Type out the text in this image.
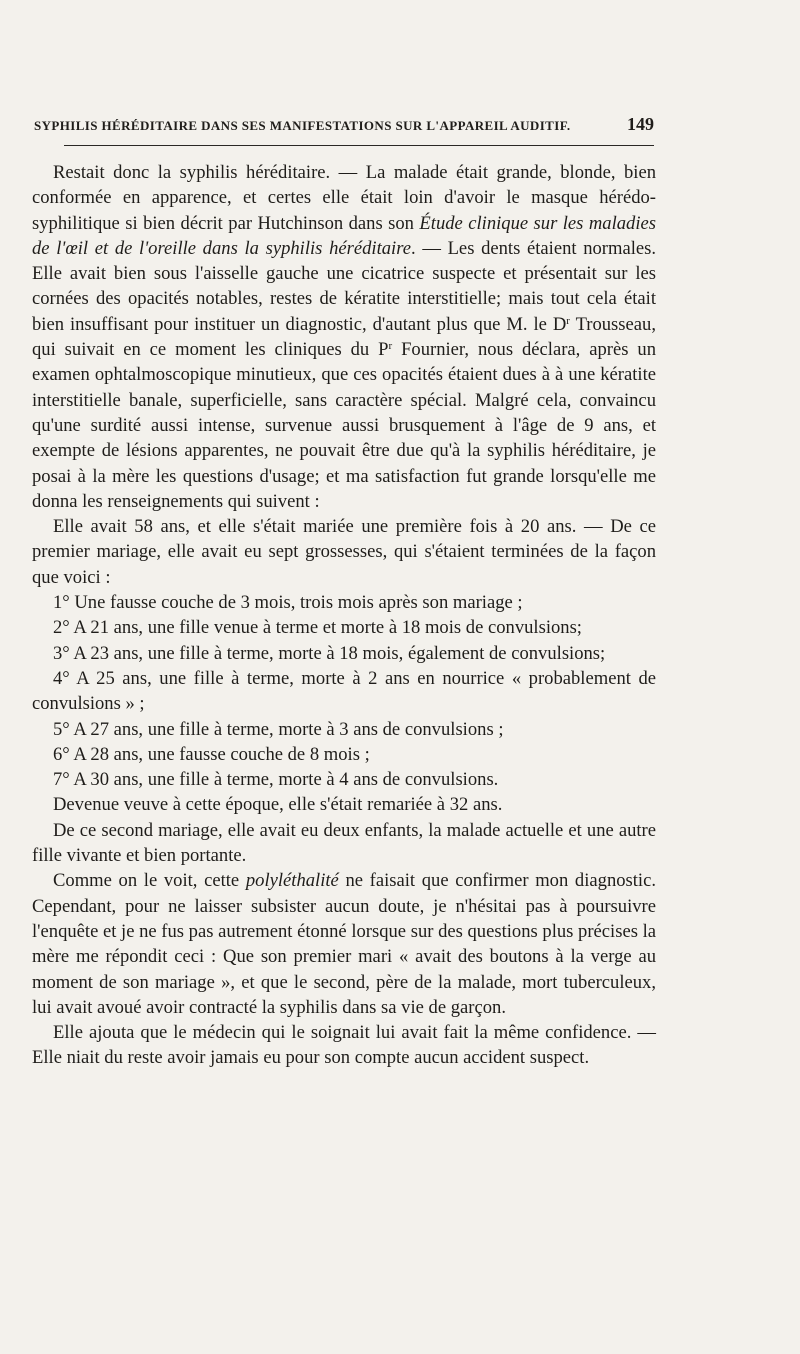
SYPHILIS HÉRÉDITAIRE DANS SES MANIFESTATIONS SUR L'APPAREIL AUDITIF.	149

Restait donc la syphilis héréditaire. — La malade était grande, blonde, bien conformée en apparence, et certes elle était loin d'avoir le masque hérédo-syphilitique si bien décrit par Hutchinson dans son Étude clinique sur les maladies de l'œil et de l'oreille dans la syphilis héréditaire. — Les dents étaient normales. Elle avait bien sous l'aisselle gauche une cicatrice suspecte et présentait sur les cornées des opacités notables, restes de kératite interstitielle; mais tout cela était bien insuffisant pour instituer un diagnostic, d'autant plus que M. le $D^r$ Trousseau, qui suivait en ce moment les cliniques du $P^r$ Fournier, nous déclara, après un examen ophtalmoscopique minutieux, que ces opacités étaient dues à à une kératite interstitielle banale, superficielle, sans caractère spécial. Malgré cela, convaincu qu'une surdité aussi intense, survenue aussi brusquement à l'âge de 9 ans, et exempte de lésions apparentes, ne pouvait être due qu'à la syphilis héréditaire, je posai à la mère les questions d'usage; et ma satisfaction fut grande lorsqu'elle me donna les renseignements qui suivent :

Elle avait 58 ans, et elle s'était mariée une première fois à 20 ans. — De ce premier mariage, elle avait eu sept grossesses, qui s'étaient terminées de la façon que voici :

1° Une fausse couche de 3 mois, trois mois après son mariage ;

2° A 21 ans, une fille venue à terme et morte à 18 mois de convulsions;

3° A 23 ans, une fille à terme, morte à 18 mois, également de convulsions;

4° A 25 ans, une fille à terme, morte à 2 ans en nourrice « probablement de convulsions » ;

5° A 27 ans, une fille à terme, morte à 3 ans de convulsions ;

6° A 28 ans, une fausse couche de 8 mois ;

7° A 30 ans, une fille à terme, morte à 4 ans de convulsions.

Devenue veuve à cette époque, elle s'était remariée à 32 ans.

De ce second mariage, elle avait eu deux enfants, la malade actuelle et une autre fille vivante et bien portante.

Comme on le voit, cette polyléthalité ne faisait que confirmer mon diagnostic. Cependant, pour ne laisser subsister aucun doute, je n'hésitai pas à poursuivre l'enquête et je ne fus pas autrement étonné lorsque sur des questions plus précises la mère me répondit ceci : Que son premier mari « avait des boutons à la verge au moment de son mariage », et que le second, père de la malade, mort tuberculeux, lui avait avoué avoir contracté la syphilis dans sa vie de garçon.

Elle ajouta que le médecin qui le soignait lui avait fait la même confidence. — Elle niait du reste avoir jamais eu pour son compte aucun accident suspect.
